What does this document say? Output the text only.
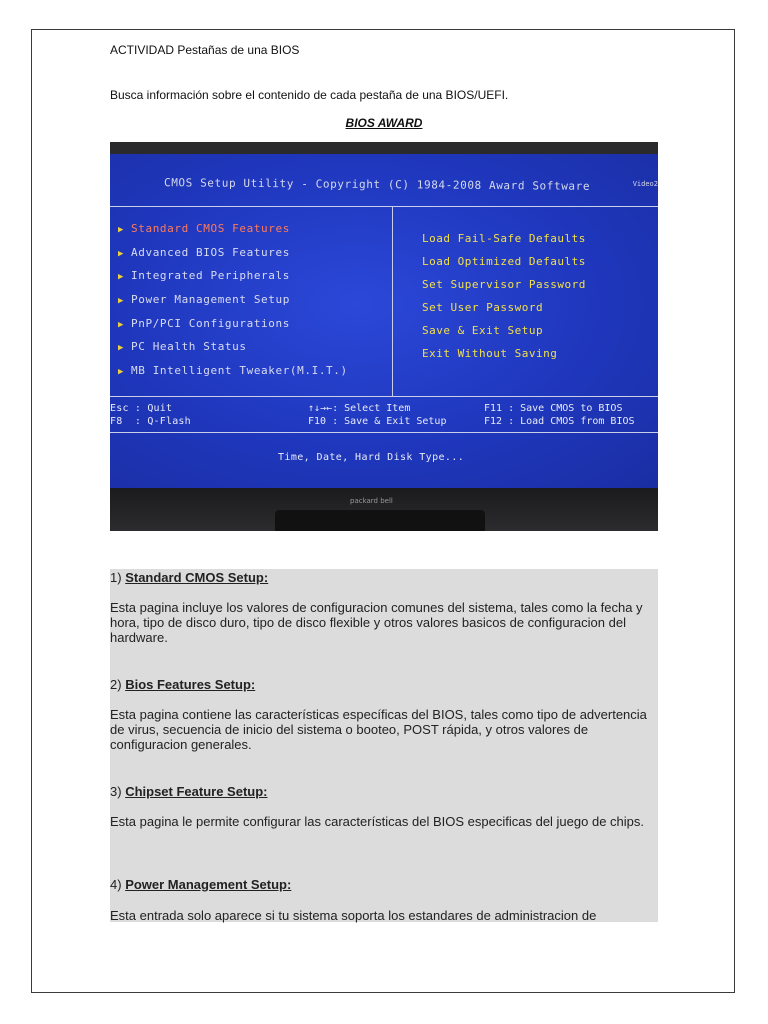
ACTIVIDAD Pestañas de una BIOS
Busca información sobre el contenido de cada pestaña de una BIOS/UEFI.
BIOS AWARD
CMOS Setup Utility - Copyright (C) 1984-2008 Award Software	Video2
▶ Standard CMOS Features
▶ Advanced BIOS Features
▶ Integrated Peripherals
▶ Power Management Setup
▶ PnP/PCI Configurations
▶ PC Health Status
▶ MB Intelligent Tweaker(M.I.T.)
Load Fail-Safe Defaults
Load Optimized Defaults
Set Supervisor Password
Set User Password
Save & Exit Setup
Exit Without Saving
Esc : Quit
F8  : Q-Flash
↑↓→←: Select Item
F10 : Save & Exit Setup
F11 : Save CMOS to BIOS
F12 : Load CMOS from BIOS
Time, Date, Hard Disk Type...
packard bell
1) Standard CMOS Setup:
Esta pagina incluye los valores de configuracion comunes del sistema, tales como la fecha y hora, tipo de disco duro, tipo de disco flexible y otros valores basicos de configuracion del hardware.
2) Bios Features Setup:
Esta pagina contiene las características específicas del BIOS, tales como tipo de advertencia de virus, secuencia de inicio del sistema o booteo, POST rápida, y otros valores de configuracion generales.
3) Chipset Feature Setup:
Esta pagina le permite configurar las características del BIOS especificas del juego de chips.
4) Power Management Setup:
Esta entrada solo aparece si tu sistema soporta los estandares de administracion de
